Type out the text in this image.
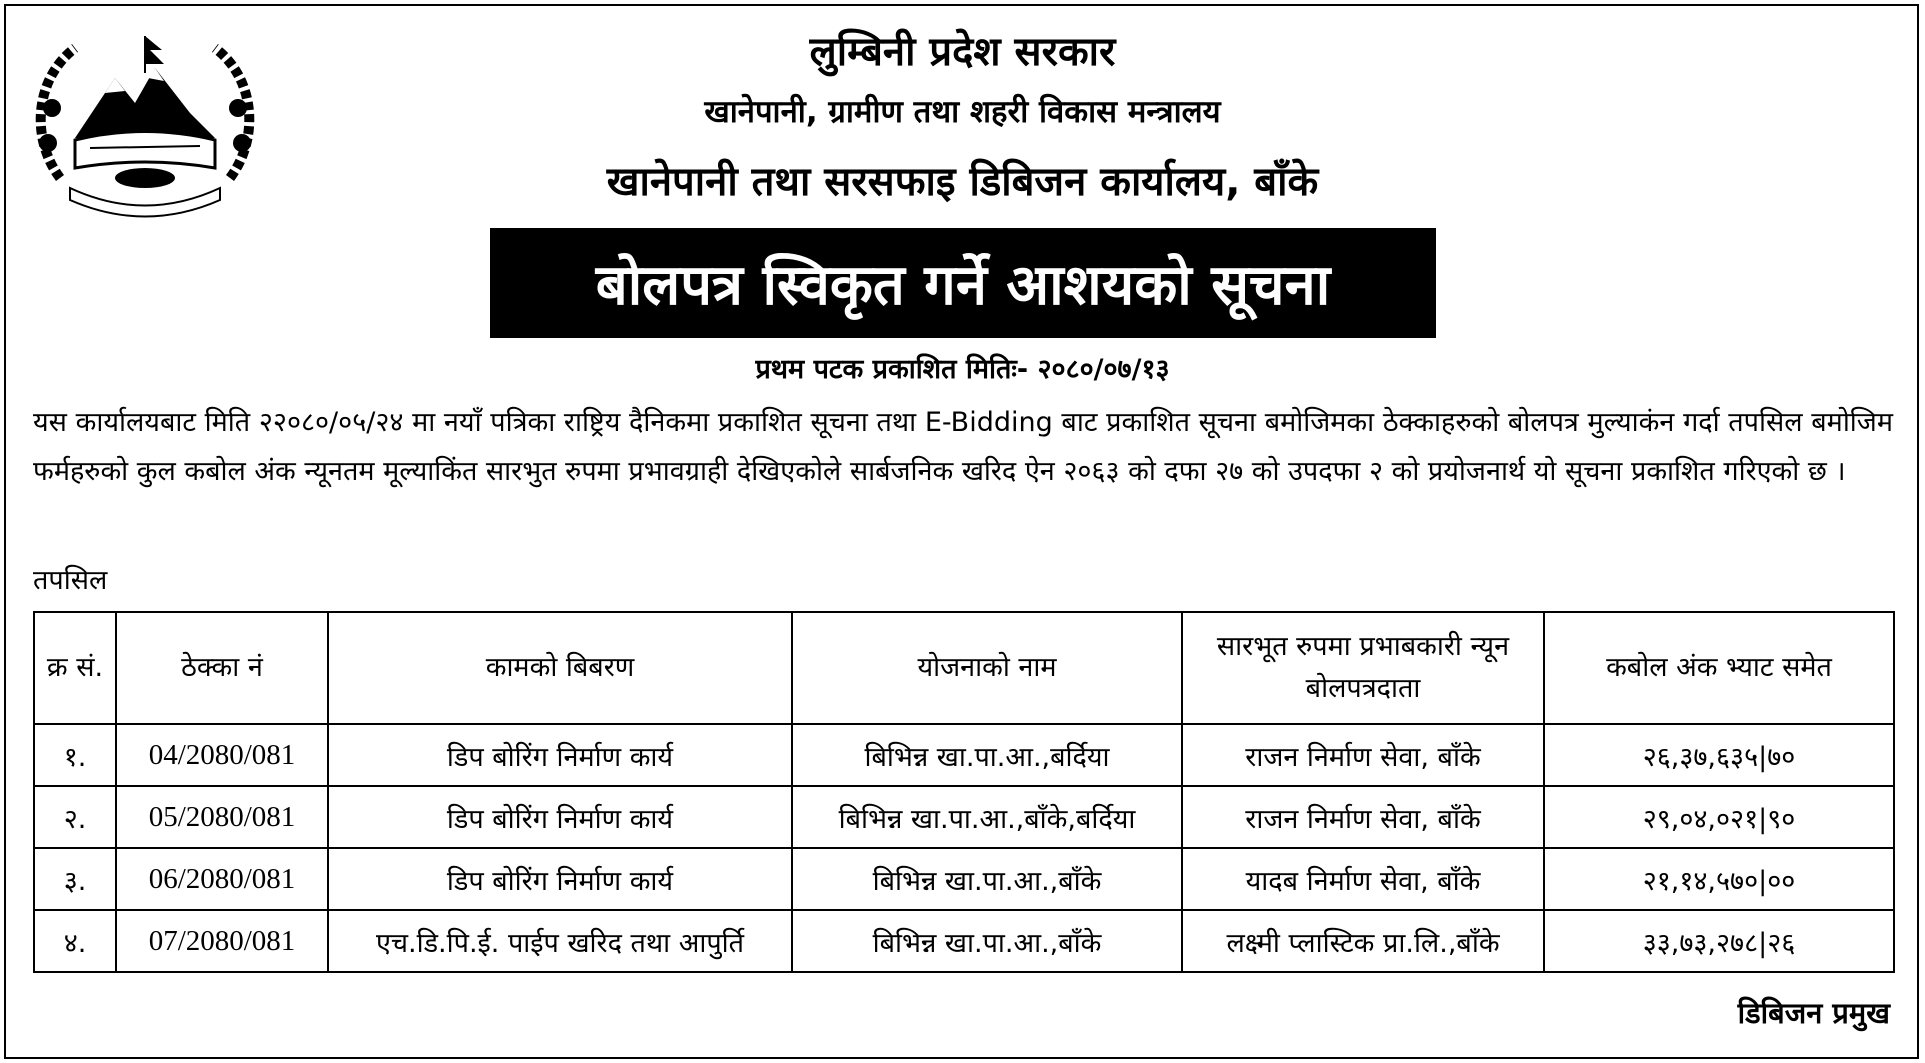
लुम्बिनी प्रदेश सरकार
खानेपानी, ग्रामीण तथा शहरी विकास मन्त्रालय
खानेपानी तथा सरसफाइ डिबिजन कार्यालय, बाँके
बोलपत्र स्विकृत गर्ने आशयको सूचना
प्रथम पटक प्रकाशित मितिः- २०८०/०७/१३
यस कार्यालयबाट मिति २२०८०/०५/२४ मा नयाँ पत्रिका राष्ट्रिय दैनिकमा प्रकाशित सूचना तथा E-Bidding बाट प्रकाशित सूचना बमोजिमका ठेक्काहरुको बोलपत्र मुल्याकंन गर्दा तपसिल बमोजिम फर्महरुको कुल कबोल अंक न्यूनतम मूल्याकिंत सारभुत रुपमा प्रभावग्राही देखिएकोले सार्बजनिक खरिद ऐन २०६३ को दफा २७ को उपदफा २ को प्रयोजनार्थ यो सूचना प्रकाशित गरिएको छ ।
तपसिल
क्र सं.	ठेक्का नं	कामको बिबरण	योजनाको नाम	सारभूत रुपमा प्रभाबकारी न्यून बोलपत्रदाता	कबोल अंक भ्याट समेत
१.	04/2080/081	डिप बोरिंग निर्माण कार्य	बिभिन्न खा.पा.आ.,बर्दिया	राजन निर्माण सेवा, बाँके	२६,३७,६३५|७०
२.	05/2080/081	डिप बोरिंग निर्माण कार्य	बिभिन्न खा.पा.आ.,बाँके,बर्दिया	राजन निर्माण सेवा, बाँके	२९,०४,०२१|९०
३.	06/2080/081	डिप बोरिंग निर्माण कार्य	बिभिन्न खा.पा.आ.,बाँके	यादब निर्माण सेवा, बाँके	२१,१४,५७०|००
४.	07/2080/081	एच.डि.पि.ई. पाईप खरिद तथा आपुर्ति	बिभिन्न खा.पा.आ.,बाँके	लक्ष्मी प्लास्टिक प्रा.लि.,बाँके	३३,७३,२७८|२६
डिबिजन प्रमुख
